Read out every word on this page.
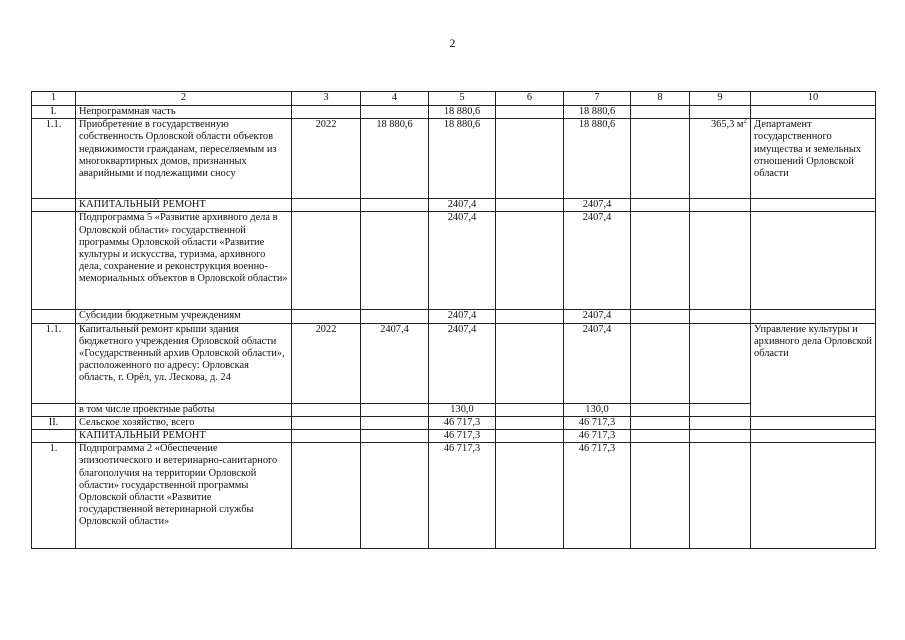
2
1	2	3	4	5	6	7	8	9	10
I.	Непрограммная часть			18 880,6		18 880,6			
1.1.	Приобретение в государственную собственность Орловской области объектов недвижимости гражданам, переселяемым из многоквартирных домов, признанных аварийными и подлежащими сносу	2022	18 880,6	18 880,6		18 880,6		365,3 $м^2$	Департамент государственного имущества и земельных отношений Орловской области
	КАПИТАЛЬНЫЙ РЕМОНТ			2407,4		2407,4			
	Подпрограмма 5 «Развитие архивного дела в Орловской области» государственной программы Орловской области «Развитие культуры и искусства, туризма, архивного дела, сохранение и реконструкция военно-мемориальных объектов в Орловской области»			2407,4		2407,4			
	Субсидии бюджетным учреждениям			2407,4		2407,4			
1.1.	Капитальный ремонт крыши здания бюджетного учреждения Орловской области «Государственный архив Орловской области», расположенного по адресу: Орловская область, г. Орёл, ул. Лескова, д. 24	2022	2407,4	2407,4		2407,4			Управление культуры и архивного дела Орловской области
	в том числе проектные работы			130,0		130,0			
II.	Сельское хозяйство, всего			46 717,3		46 717,3			
	КАПИТАЛЬНЫЙ РЕМОНТ			46 717,3		46 717,3			
1.	Подпрограмма 2 «Обеспечение эпизоотического и ветеринарно-санитарного благополучия на территории Орловской области» государственной программы Орловской области «Развитие государственной ветеринарной службы Орловской области»			46 717,3		46 717,3			
